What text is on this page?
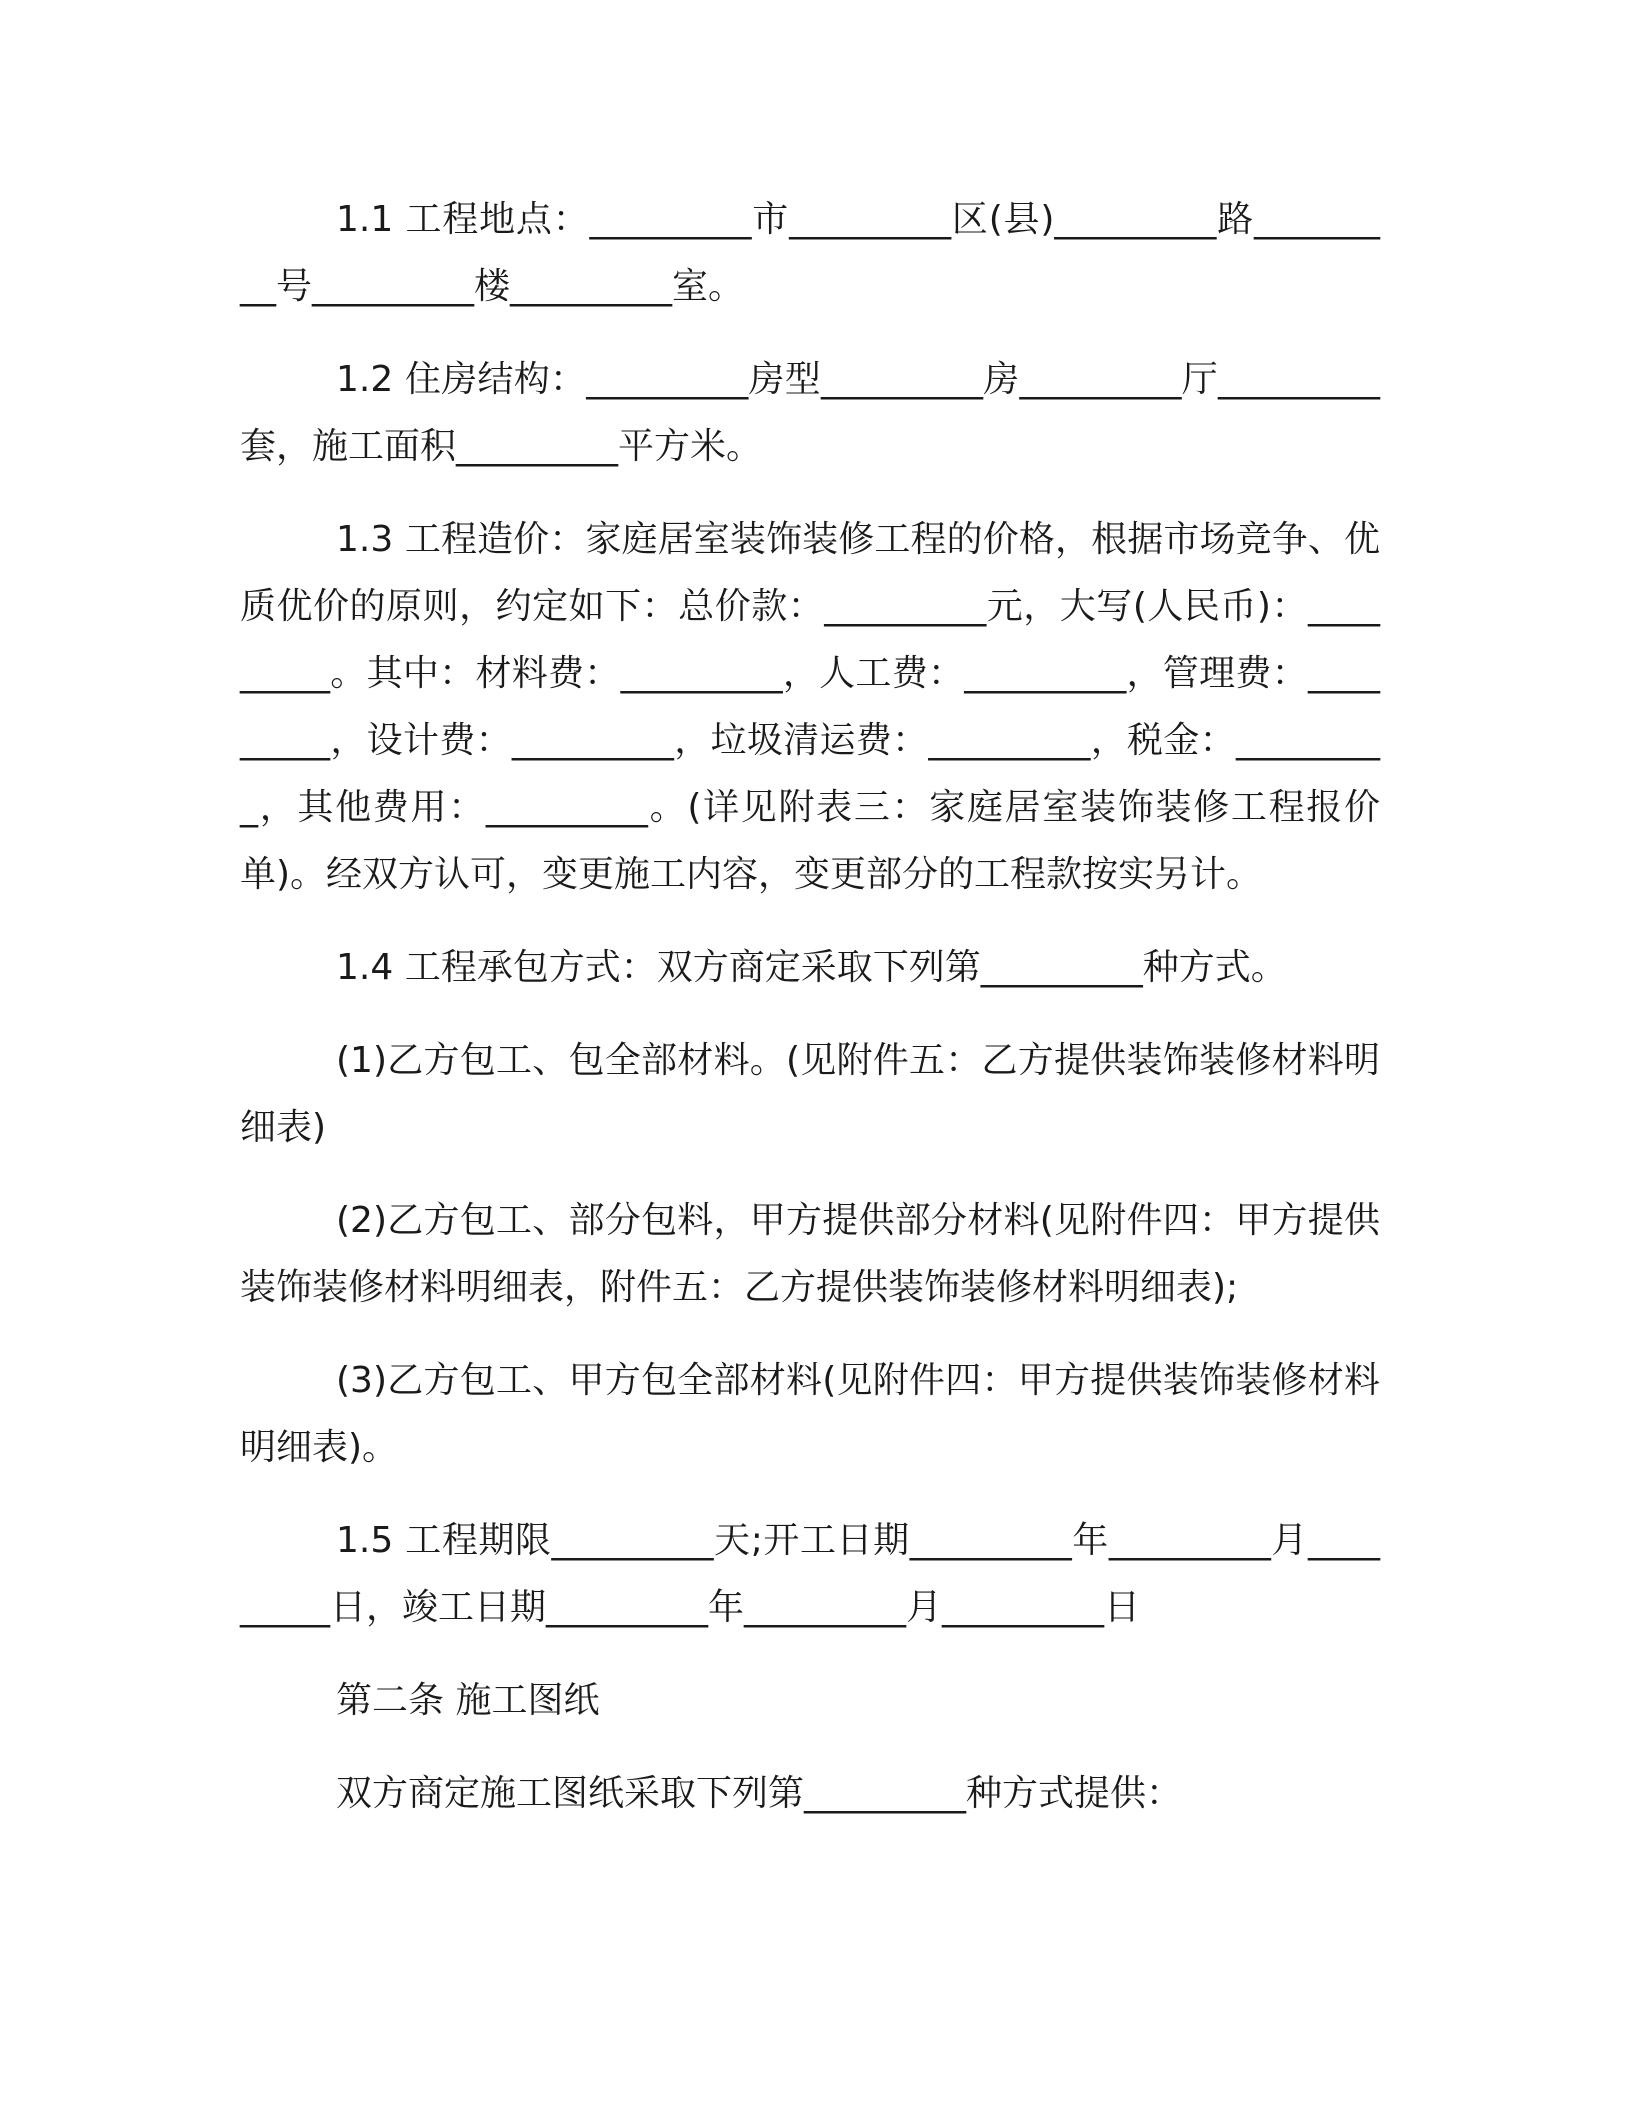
1.1 工程地点：_________市_________区(县)_________路_________号_________楼_________室。

1.2 住房结构：_________房型_________房_________厅_________套，施工面积_________平方米。

1.3 工程造价：家庭居室装饰装修工程的价格，根据市场竞争、优质优价的原则，约定如下：总价款：_________元，大写(人民币)：_________。其中：材料费：_________，人工费：_________，管理费：_________，设计费：_________，垃圾清运费：_________，税金：_________，其他费用：_________。(详见附表三：家庭居室装饰装修工程报价单)。经双方认可，变更施工内容，变更部分的工程款按实另计。

1.4 工程承包方式：双方商定采取下列第_________种方式。

(1)乙方包工、包全部材料。(见附件五：乙方提供装饰装修材料明细表)

(2)乙方包工、部分包料，甲方提供部分材料(见附件四：甲方提供装饰装修材料明细表，附件五：乙方提供装饰装修材料明细表);

(3)乙方包工、甲方包全部材料(见附件四：甲方提供装饰装修材料明细表)。

1.5 工程期限_________天;开工日期_________年_________月_________日，竣工日期_________年_________月_________日

第二条 施工图纸

双方商定施工图纸采取下列第_________种方式提供：
